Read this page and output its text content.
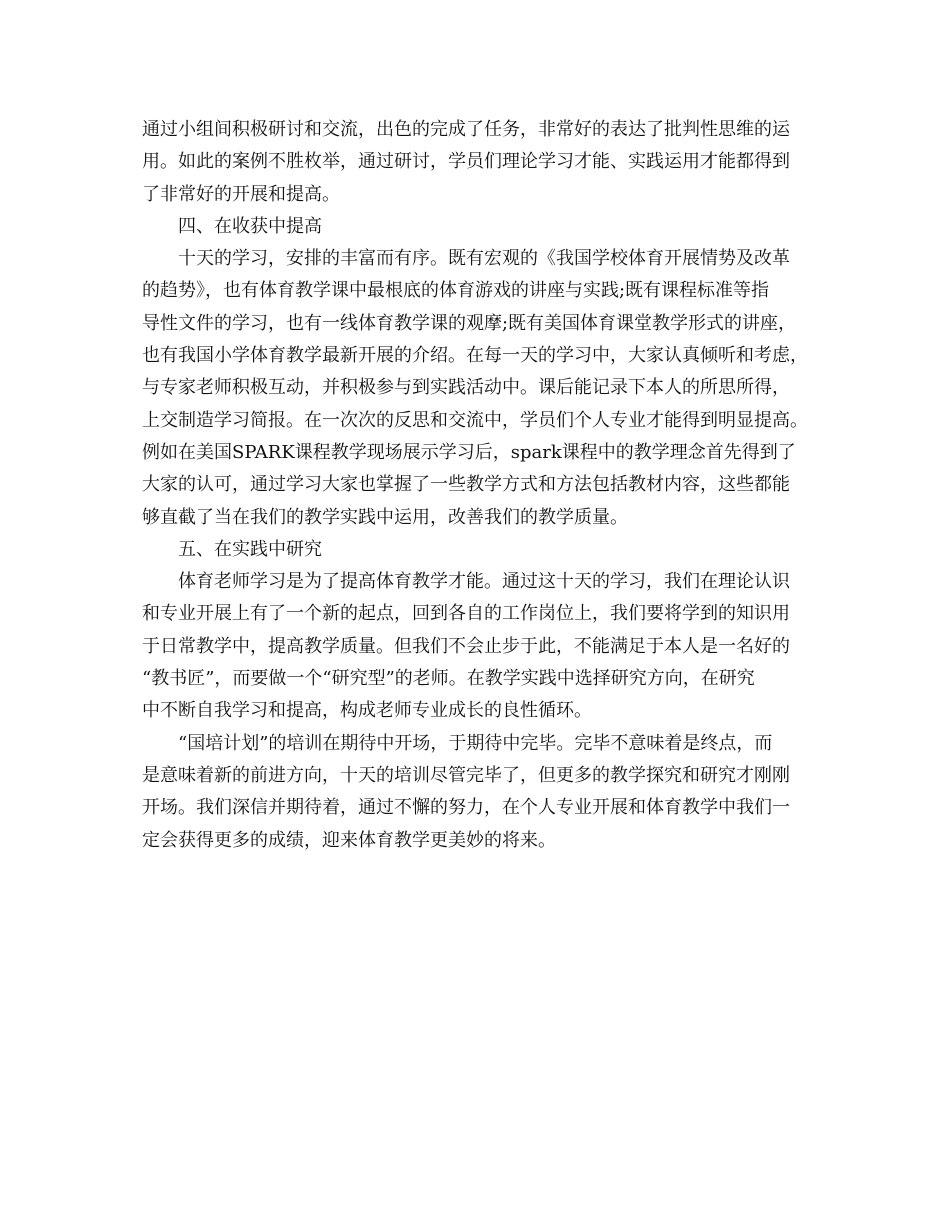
通过小组间积极研讨和交流，出色的完成了任务，非常好的表达了批判性思维的运
用。如此的案例不胜枚举，通过研讨，学员们理论学习才能、实践运用才能都得到
了非常好的开展和提高。
四、在收获中提高
十天的学习，安排的丰富而有序。既有宏观的《我国学校体育开展情势及改革
的趋势》，也有体育教学课中最根底的体育游戏的讲座与实践;既有课程标准等指
导性文件的学习，也有一线体育教学课的观摩;既有美国体育课堂教学形式的讲座，
也有我国小学体育教学最新开展的介绍。在每一天的学习中，大家认真倾听和考虑，
与专家老师积极互动，并积极参与到实践活动中。课后能记录下本人的所思所得，
上交制造学习简报。在一次次的反思和交流中，学员们个人专业才能得到明显提高。
例如在美国SPARK课程教学现场展示学习后，spark课程中的教学理念首先得到了
大家的认可，通过学习大家也掌握了一些教学方式和方法包括教材内容，这些都能
够直截了当在我们的教学实践中运用，改善我们的教学质量。
五、在实践中研究
体育老师学习是为了提高体育教学才能。通过这十天的学习，我们在理论认识
和专业开展上有了一个新的起点，回到各自的工作岗位上，我们要将学到的知识用
于日常教学中，提高教学质量。但我们不会止步于此，不能满足于本人是一名好的
“教书匠”，而要做一个“研究型”的老师。在教学实践中选择研究方向，在研究
中不断自我学习和提高，构成老师专业成长的良性循环。
“国培计划”的培训在期待中开场，于期待中完毕。完毕不意味着是终点，而
是意味着新的前进方向，十天的培训尽管完毕了，但更多的教学探究和研究才刚刚
开场。我们深信并期待着，通过不懈的努力，在个人专业开展和体育教学中我们一
定会获得更多的成绩，迎来体育教学更美妙的将来。
